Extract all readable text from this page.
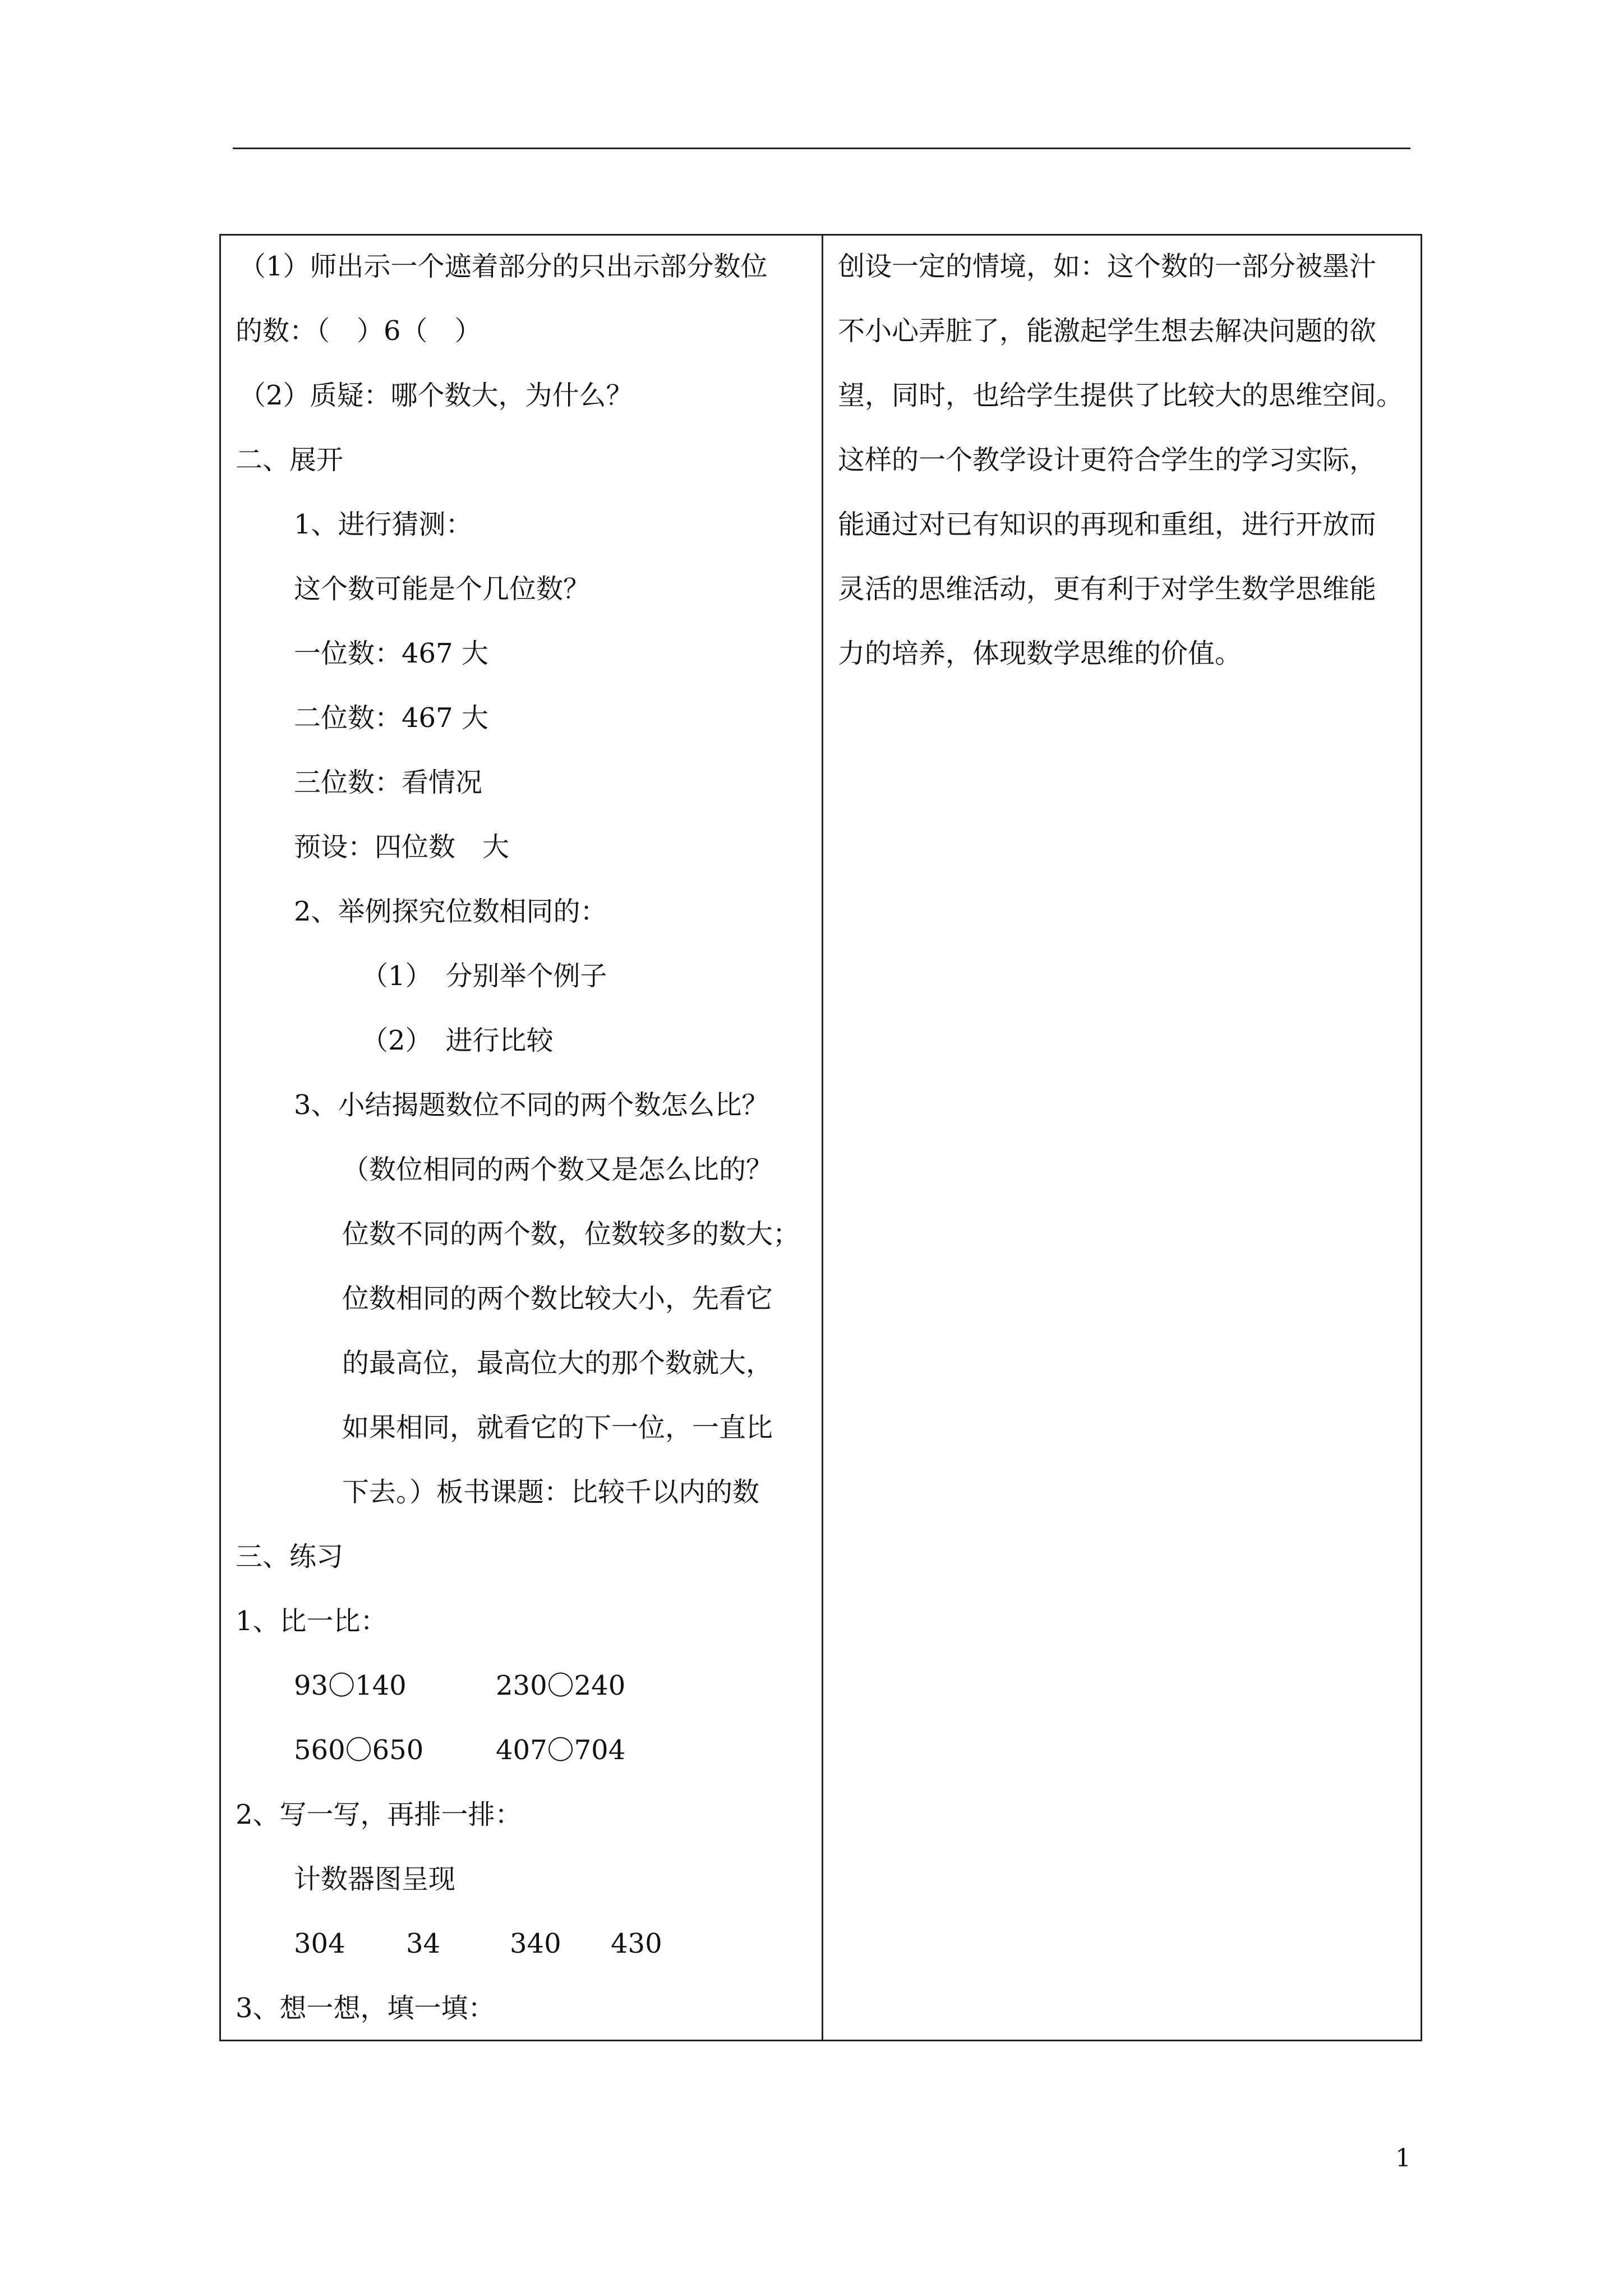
（1）师出示一个遮着部分的只出示部分数位
的数：（　）6（　）
（2）质疑：哪个数大，为什么？
二、展开
1、进行猜测：
这个数可能是个几位数？
一位数：467 大
二位数：467 大
三位数：看情况
预设：四位数　大
2、举例探究位数相同的：
（1）　分别举个例子
（2）　进行比较
3、小结揭题数位不同的两个数怎么比？
（数位相同的两个数又是怎么比的？
位数不同的两个数，位数较多的数大；
位数相同的两个数比较大小，先看它
的最高位，最高位大的那个数就大，
如果相同，就看它的下一位，一直比
下去。）板书课题：比较千以内的数
三、练习
1、比一比：
93〇140	230〇240
560〇650	407〇704
2、写一写，再排一排：
计数器图呈现
304 34	340 430
3、想一想，填一填：
创设一定的情境，如：这个数的一部分被墨汁
不小心弄脏了，能激起学生想去解决问题的欲
望，同时，也给学生提供了比较大的思维空间。
这样的一个教学设计更符合学生的学习实际，
能通过对已有知识的再现和重组，进行开放而
灵活的思维活动，更有利于对学生数学思维能
力的培养，体现数学思维的价值。
1
